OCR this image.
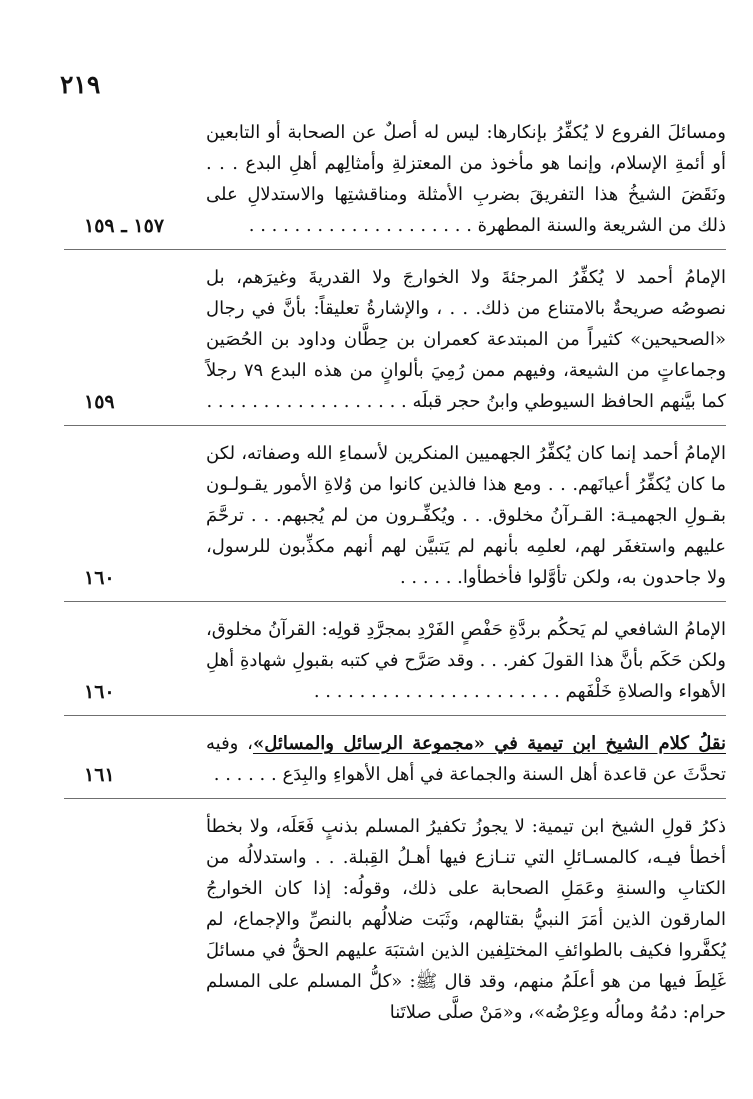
٢١٩
ومسائلَ الفروع لا يُكفِّرُ بإنكارها: ليس له أصلٌ عن الصحابة أو التابعين أو أئمةِ الإسلام، وإنما هو مأخوذ من المعتزلةِ وأمثالِهم أهلِ البدع . . . ونَقَضَ الشيخُ هذا التفريقَ بضربِ الأمثلة ومناقشتِها والاستدلالِ على ذلك من الشريعة والسنة المطهرة . . . . . . . . . . . . . . . . . . . .
١٥٧ ـ ١٥٩
الإمامُ أحمد لا يُكفِّرُ المرجئةَ ولا الخوارجَ ولا القدريةَ وغيرَهم، بل نصوصُه صريحةٌ بالامتناع من ذلك. . . ، والإشارةُ تعليقاً: بأنَّ في رجال «الصحيحين» كثيراً من المبتدعة كعمران بن حِطَّان وداود بن الحُصَين وجماعاتٍ من الشيعة، وفيهم ممن رُمِيَ بألوانٍ من هذه البدع ٧٩ رجلاً كما بيَّنهم الحافظ السيوطي وابنُ حجر قبلَه . . . . . . . . . . . . . . . . . .
١٥٩
الإمامُ أحمد إنما كان يُكفِّرُ الجهميين المنكرين لأسماءِ الله وصفاته، لكن ما كان يُكفِّرُ أعيانَهم. . . ومع هذا فالذين كانوا من وُلاةِ الأمور يقـولـون بقـولِ الجهميـة: القـرآنُ مخلوق. . . ويُكفِّـرون من لم يُجبهم. . . ترحَّمَ عليهم واستغفَر لهم، لعلمِه بأنهم لم يَتبيَّن لهم أنهم مكذِّبون للرسول، ولا جاحدون به، ولكن تأوَّلوا فأخطأوا. . . . . .
١٦٠
الإمامُ الشافعي لم يَحكُم بردَّةِ حَفْصٍ الفَرْدِ بمجرَّدِ قولِه: القرآنُ مخلوق، ولكن حَكَم بأنَّ هذا القولَ كفر. . . وقد صَرَّح في كتبه بقبولِ شهادةِ أهلِ الأهواء والصلاةِ خَلْفَهم . . . . . . . . . . . . . . . . . . . . . .
١٦٠
نقلُ كلام الشيخ ابن تيمية في «مجموعة الرسائل والمسائل»، وفيه تحدَّثَ عن قاعدة أهل السنة والجماعة في أهل الأهواءِ والبِدَع . . . . . .
١٦١
ذكرُ قولِ الشيخ ابن تيمية: لا يجوزُ تكفيرُ المسلم بذنبٍ فَعَلَه، ولا بخطأ أخطأ فيـه، كالمسـائلِ التي تنـازع فيها أهـلُ القِبلة. . . واستدلالُه من الكتابِ والسنةِ وعَمَلِ الصحابة على ذلك، وقولُه: إذا كان الخوارجُ المارقون الذين أمَرَ النبيُّ بقتالهم، وثَبَت ضلالُهم بالنصِّ والإجماع، لم يُكفَّروا فكيف بالطوائفِ المختلِفين الذين اشتبَهَ عليهم الحقُّ في مسائلَ غَلِطَ فيها من هو أعلَمُ منهم، وقد قال ﷺ: «كلُّ المسلم على المسلم حرام: دمُهُ ومالُه وعِرْضُه»، و«مَنْ صلَّى صلاتَنا
